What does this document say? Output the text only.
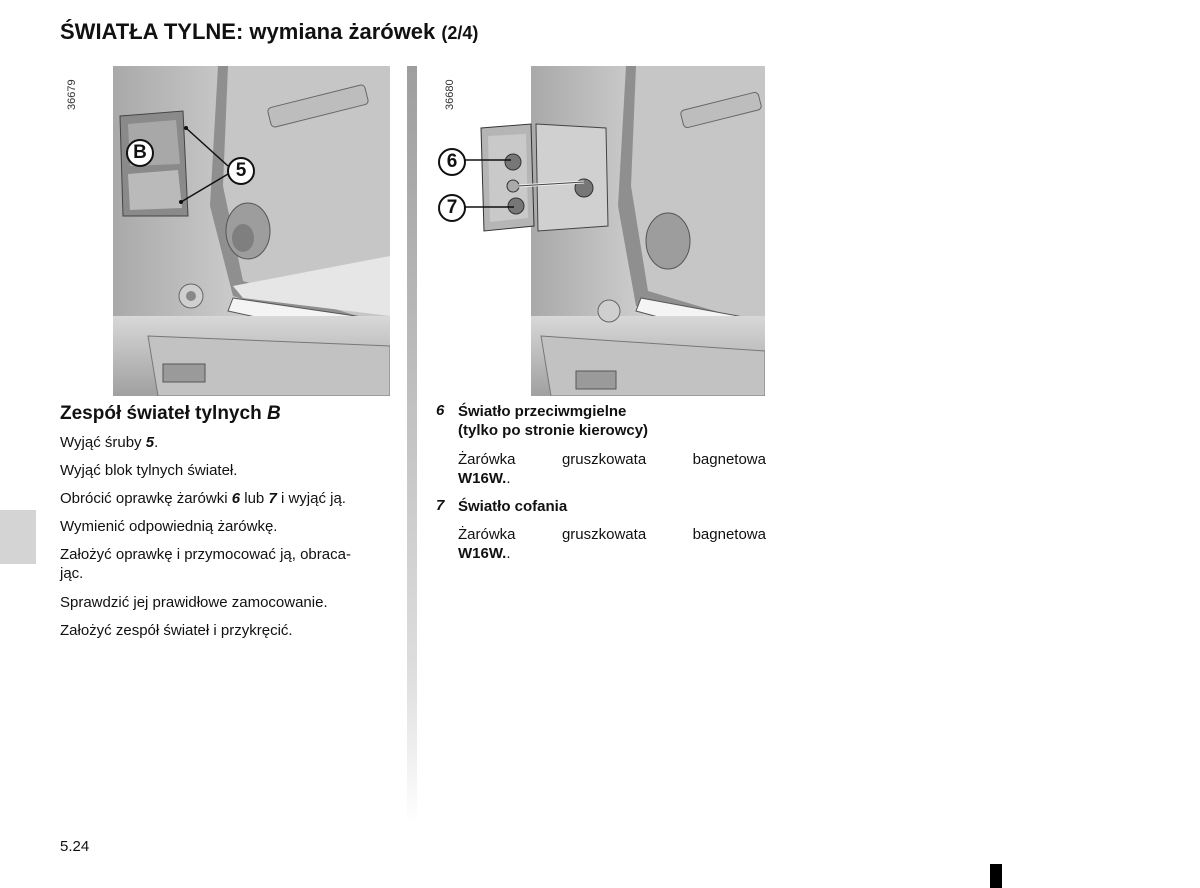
ŚWIATŁA TYLNE: wymiana żarówek (2/4)
36679
B
5
36680
6
7
Zespół świateł tylnych B
Wyjąć śruby 5.
Wyjąć blok tylnych świateł.
Obrócić oprawkę żarówki 6 lub 7 i wyjąć ją.
Wymienić odpowiednią żarówkę.
Założyć oprawkę i przymocować ją, obraca-
jąc.
Sprawdzić jej prawidłowe zamocowanie.
Założyć zespół świateł i przykręcić.
6 Światło przeciwmgielne
(tylko po stronie kierowcy)
Żarówka gruszkowata bagnetowa
W16W..
7 Światło cofania
Żarówka gruszkowata bagnetowa
W16W..
5.24
